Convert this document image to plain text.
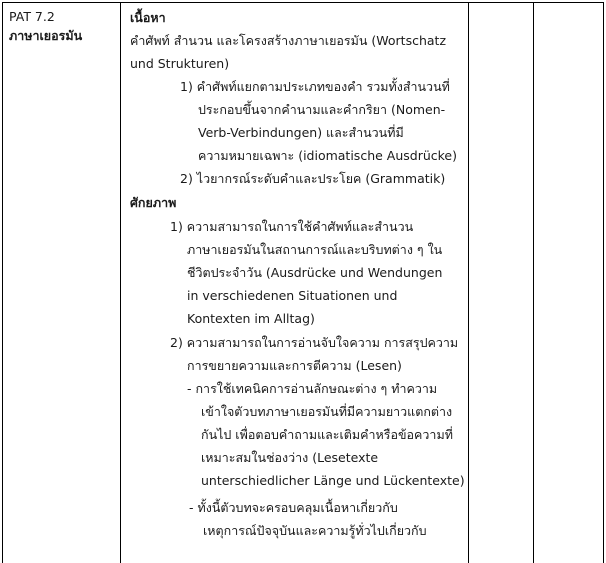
PAT 7.2
ภาษาเยอรมัน
เนื้อหา
คำศัพท์ สำนวน และโครงสร้างภาษาเยอรมัน (Wortschatz
und Strukturen)
1) คำศัพท์แยกตามประเภทของคำ รวมทั้งสำนวนที่
ประกอบขึ้นจากคำนามและคำกริยา (Nomen-
Verb-Verbindungen) และสำนวนที่มี
ความหมายเฉพาะ (idiomatische Ausdrücke)
2) ไวยากรณ์ระดับคำและประโยค (Grammatik)
ศักยภาพ
1) ความสามารถในการใช้คำศัพท์และสำนวน
ภาษาเยอรมันในสถานการณ์และบริบทต่าง ๆ ใน
ชีวิตประจำวัน (Ausdrücke und Wendungen
in verschiedenen Situationen und
Kontexten im Alltag)
2) ความสามารถในการอ่านจับใจความ การสรุปความ
การขยายความและการตีความ (Lesen)
- การใช้เทคนิคการอ่านลักษณะต่าง ๆ ทำความ
เข้าใจตัวบทภาษาเยอรมันที่มีความยาวแตกต่าง
กันไป เพื่อตอบคำถามและเติมคำหรือข้อความที่
เหมาะสมในช่องว่าง (Lesetexte
unterschiedlicher Länge und Lückentexte)
- ทั้งนี้ตัวบทจะครอบคลุมเนื้อหาเกี่ยวกับ
เหตุการณ์ปัจจุบันและความรู้ทั่วไปเกี่ยวกับ
